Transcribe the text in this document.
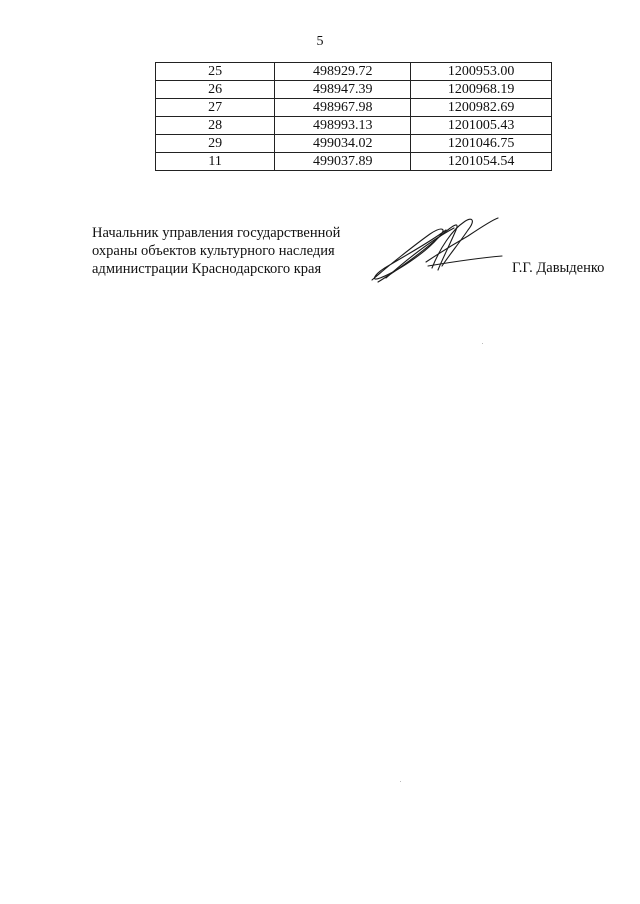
5
25	498929.72	1200953.00
26	498947.39	1200968.19
27	498967.98	1200982.69
28	498993.13	1201005.43
29	499034.02	1201046.75
11	499037.89	1201054.54
Начальник управления государственной
охраны объектов культурного наследия
администрации Краснодарского края	Г.Г. Давыденко
